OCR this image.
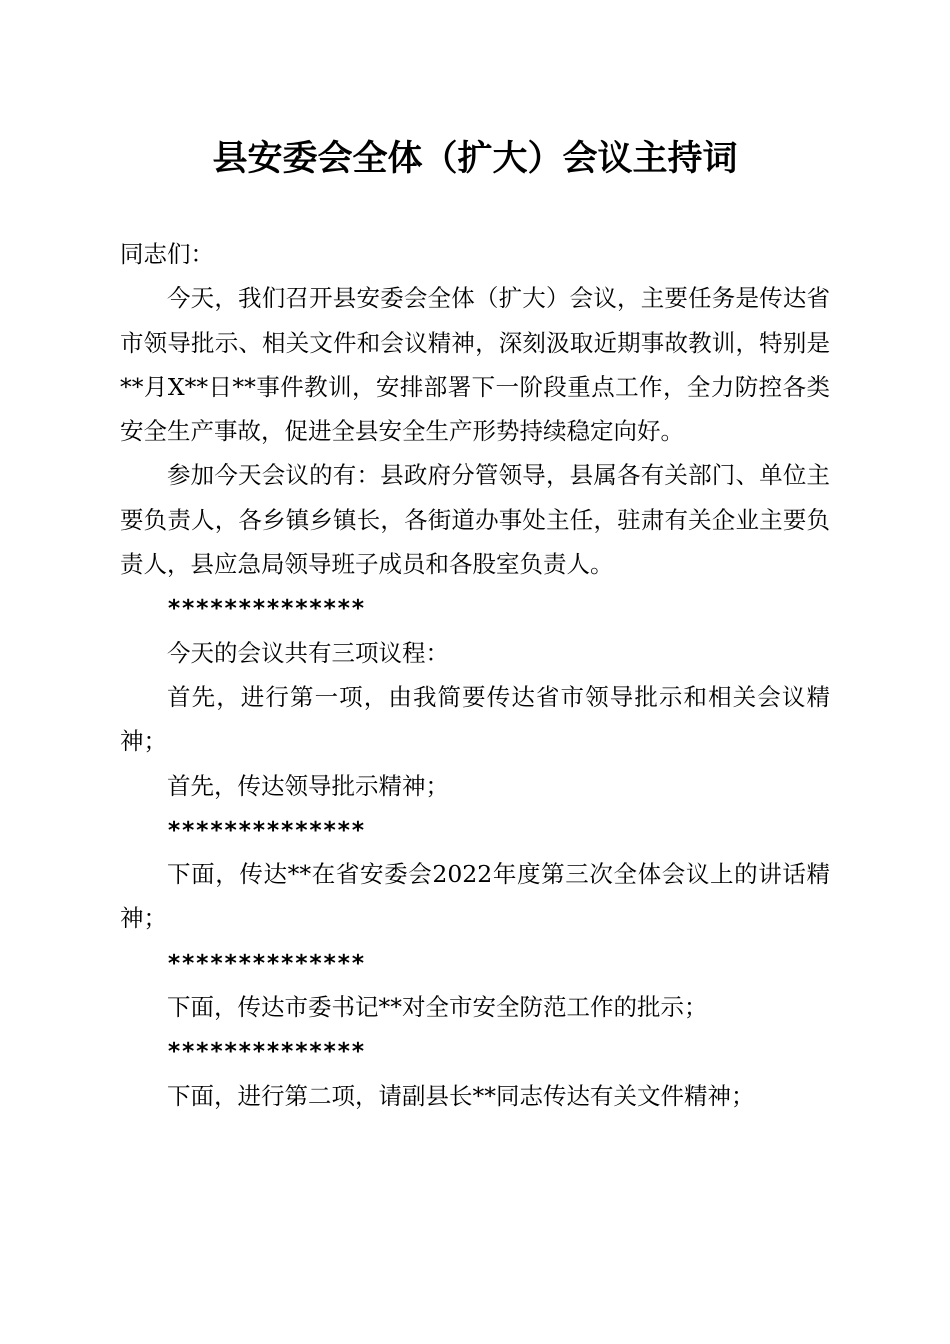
县安委会全体（扩大）会议主持词

同志们：

今天，我们召开县安委会全体（扩大）会议，主要任务是传达省市领导批示、相关文件和会议精神，深刻汲取近期事故教训，特别是**月X**日**事件教训，安排部署下一阶段重点工作，全力防控各类安全生产事故，促进全县安全生产形势持续稳定向好。

参加今天会议的有：县政府分管领导，县属各有关部门、单位主要负责人，各乡镇乡镇长，各街道办事处主任，驻肃有关企业主要负责人，县应急局领导班子成员和各股室负责人。

**************

今天的会议共有三项议程：

首先，进行第一项，由我简要传达省市领导批示和相关会议精神；

首先，传达领导批示精神；

**************

下面，传达**在省安委会2022年度第三次全体会议上的讲话精神；

**************

下面，传达市委书记**对全市安全防范工作的批示；

**************

下面，进行第二项，请副县长**同志传达有关文件精神；
